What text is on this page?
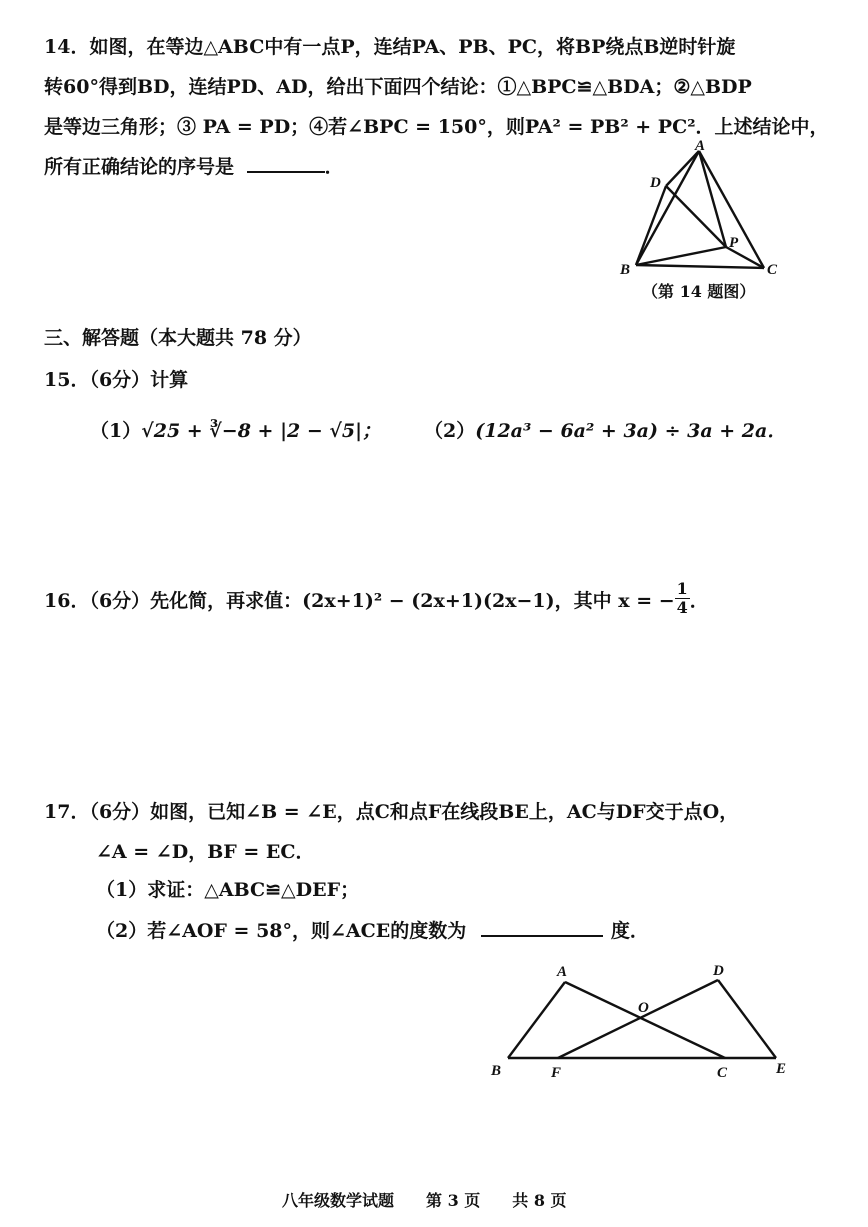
14．如图，在等边△ABC中有一点P，连结PA、PB、PC，将BP绕点B逆时针旋
转60°得到BD，连结PD、AD，给出下面四个结论：①△BPC≌△BDA；②△BDP
是等边三角形；③ PA = PD；④若∠BPC = 150°，则PA² = PB² + PC²．上述结论中，
所有正确结论的序号是	．
A
D
P
B	C
（第 14 题图）
三、解答题（本大题共 78 分）
15．（6分）计算
（1）√25 + ∛−8 + |2 − √5|； （2）(12a³ − 6a² + 3a) ÷ 3a + 2a．
16．（6分）先化简，再求值：(2x+1)² − (2x+1)(2x−1)，其中 x = − $\frac{1}{4}$ ．
17．（6分）如图，已知∠B = ∠E，点C和点F在线段BE上，AC与DF交于点O，
∠A = ∠D，BF = EC．
（1）求证：△ABC≌△DEF；
（2）若∠AOF = 58°，则∠ACE的度数为	度．
A	D
O
B	F	C	E
八年级数学试题　　第 3 页　　共 8 页
